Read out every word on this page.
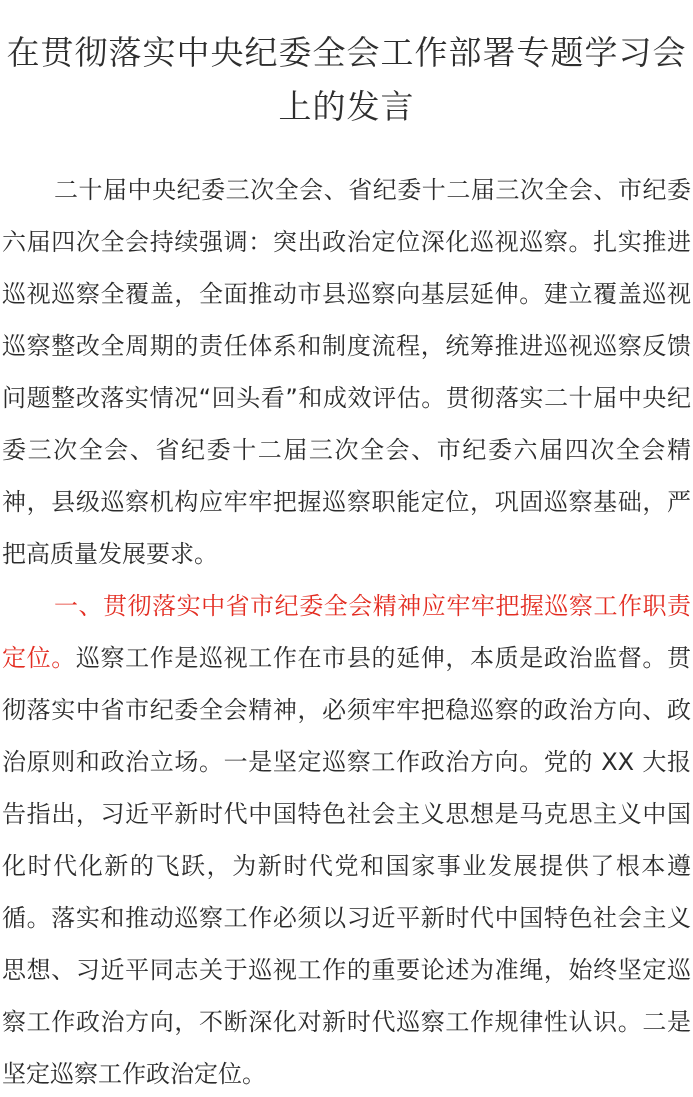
在贯彻落实中央纪委全会工作部署专题学习会上的发言

二十届中央纪委三次全会、省纪委十二届三次全会、市纪委六届四次全会持续强调：突出政治定位深化巡视巡察。扎实推进巡视巡察全覆盖，全面推动市县巡察向基层延伸。建立覆盖巡视巡察整改全周期的责任体系和制度流程，统筹推进巡视巡察反馈问题整改落实情况“回头看”和成效评估。贯彻落实二十届中央纪委三次全会、省纪委十二届三次全会、市纪委六届四次全会精神，县级巡察机构应牢牢把握巡察职能定位，巩固巡察基础，严把高质量发展要求。

一、贯彻落实中省市纪委全会精神应牢牢把握巡察工作职责定位。巡察工作是巡视工作在市县的延伸，本质是政治监督。贯彻落实中省市纪委全会精神，必须牢牢把稳巡察的政治方向、政治原则和政治立场。一是坚定巡察工作政治方向。党的 XX 大报告指出，习近平新时代中国特色社会主义思想是马克思主义中国化时代化新的飞跃，为新时代党和国家事业发展提供了根本遵循。落实和推动巡察工作必须以习近平新时代中国特色社会主义思想、习近平同志关于巡视工作的重要论述为准绳，始终坚定巡察工作政治方向，不断深化对新时代巡察工作规律性认识。二是坚定巡察工作政治定位。
